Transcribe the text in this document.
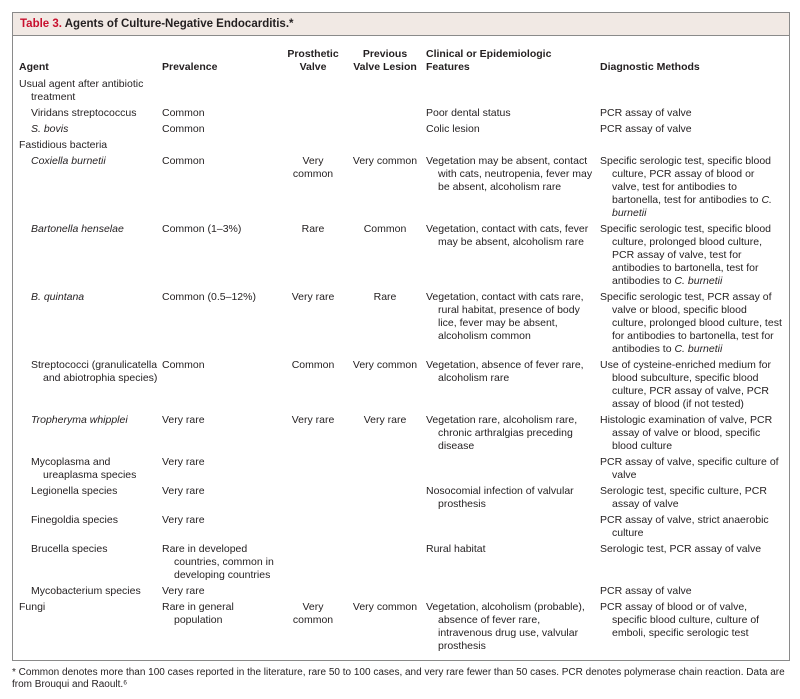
Table 3. Agents of Culture-Negative Endocarditis.*
Agent	Prevalence	Prosthetic Valve	Previous Valve Lesion	Clinical or Epidemiologic Features	Diagnostic Methods
Usual agent after antibiotic treatment					

Viridans streptococcus	Common			Poor dental status	PCR assay of valve

S. bovis	Common			Colic lesion	PCR assay of valve
Fastidious bacteria					

Coxiella burnetii	Common	Very common	Very common	Vegetation may be absent, contact with cats, neutropenia, fever may be absent, alcoholism rare	Specific serologic test, specific blood culture, PCR assay of blood or valve, test for antibodies to bartonella, test for antibodies to C. burnetii

Bartonella henselae	Common (1–3%)	Rare	Common	Vegetation, contact with cats, fever may be absent, alcoholism rare	Specific serologic test, specific blood culture, prolonged blood culture, PCR assay of valve, test for antibodies to bartonella, test for antibodies to C. burnetii

B. quintana	Common (0.5–12%)	Very rare	Rare	Vegetation, contact with cats rare, rural habitat, presence of body lice, fever may be absent, alcoholism common	Specific serologic test, PCR assay of valve or blood, specific blood culture, prolonged blood culture, test for antibodies to bartonella, test for antibodies to C. burnetii

Streptococci (granulicatella and abiotrophia species)	Common	Common	Very common	Vegetation, absence of fever rare, alcoholism rare	Use of cysteine-enriched medium for blood subculture, specific blood culture, PCR assay of valve, PCR assay of blood (if not tested)

Tropheryma whipplei	Very rare	Very rare	Very rare	Vegetation rare, alcoholism rare, chronic arthralgias preceding disease	Histologic examination of valve, PCR assay of valve or blood, specific blood culture

Mycoplasma and ureaplasma species	Very rare				PCR assay of valve, specific culture of valve

Legionella species	Very rare			Nosocomial infection of valvular prosthesis	Serologic test, specific culture, PCR assay of valve

Finegoldia species	Very rare				PCR assay of valve, strict anaerobic culture

Brucella species	Rare in developed countries, common in developing countries			Rural habitat	Serologic test, PCR assay of valve

Mycobacterium species	Very rare				PCR assay of valve
Fungi	Rare in general population	Very common	Very common	Vegetation, alcoholism (probable), absence of fever rare, intravenous drug use, valvular prosthesis	PCR assay of blood or of valve, specific blood culture, culture of emboli, specific serologic test
* Common denotes more than 100 cases reported in the literature, rare 50 to 100 cases, and very rare fewer than 50 cases. PCR denotes polymerase chain reaction. Data are from Brouqui and Raoult.⁶
